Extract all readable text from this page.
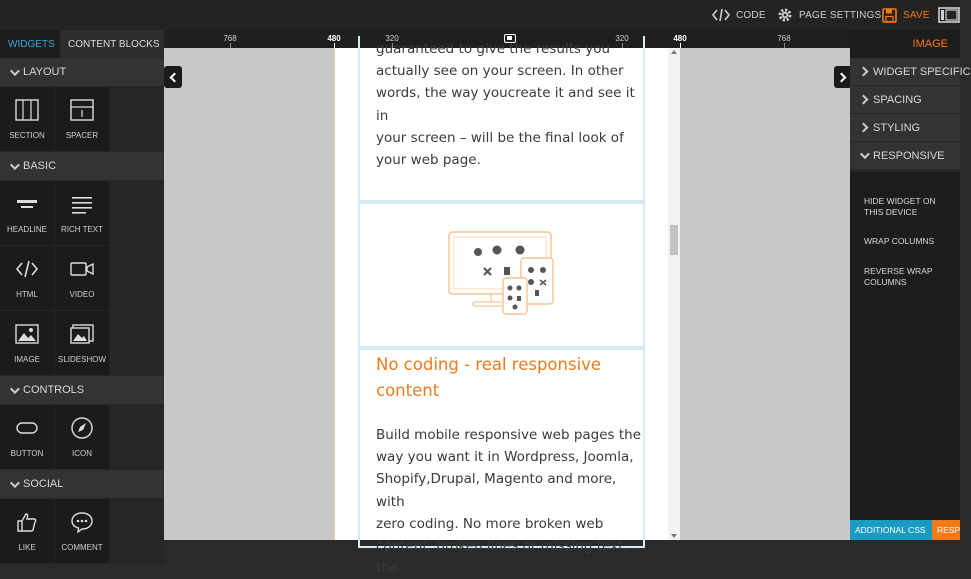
CODE	PAGE SETTINGS SAVE
WIDGETS	CONTENT BLOCKS
LAYOUT
SECTION	SPACER
BASIC
HEADLINE RICH TEXT
HTML	VIDEO
IMAGE SLIDESHOW
CONTROLS
BUTTON	ICON
SOCIAL
LIKE	COMMENT
768	480	320	320	480	768
guaranteed to give the results you
actually see on your screen. In other
words, the way youcreate it and see it in
your screen – will be the final look of
your web page.
No coding - real responsive
content
Build mobile responsive web pages the
way you want it in Wordpress, Joomla,
Shopify,Drupal, Magento and more, with
zero coding. No more broken web
content, broken lines or missing text, the
IMAGE
WIDGET SPECIFIC
SPACING
STYLING
RESPONSIVE
HIDE WIDGET ON THIS DEVICE
WRAP COLUMNS
REVERSE WRAP COLUMNS
ADDITIONAL CSS	RESP
